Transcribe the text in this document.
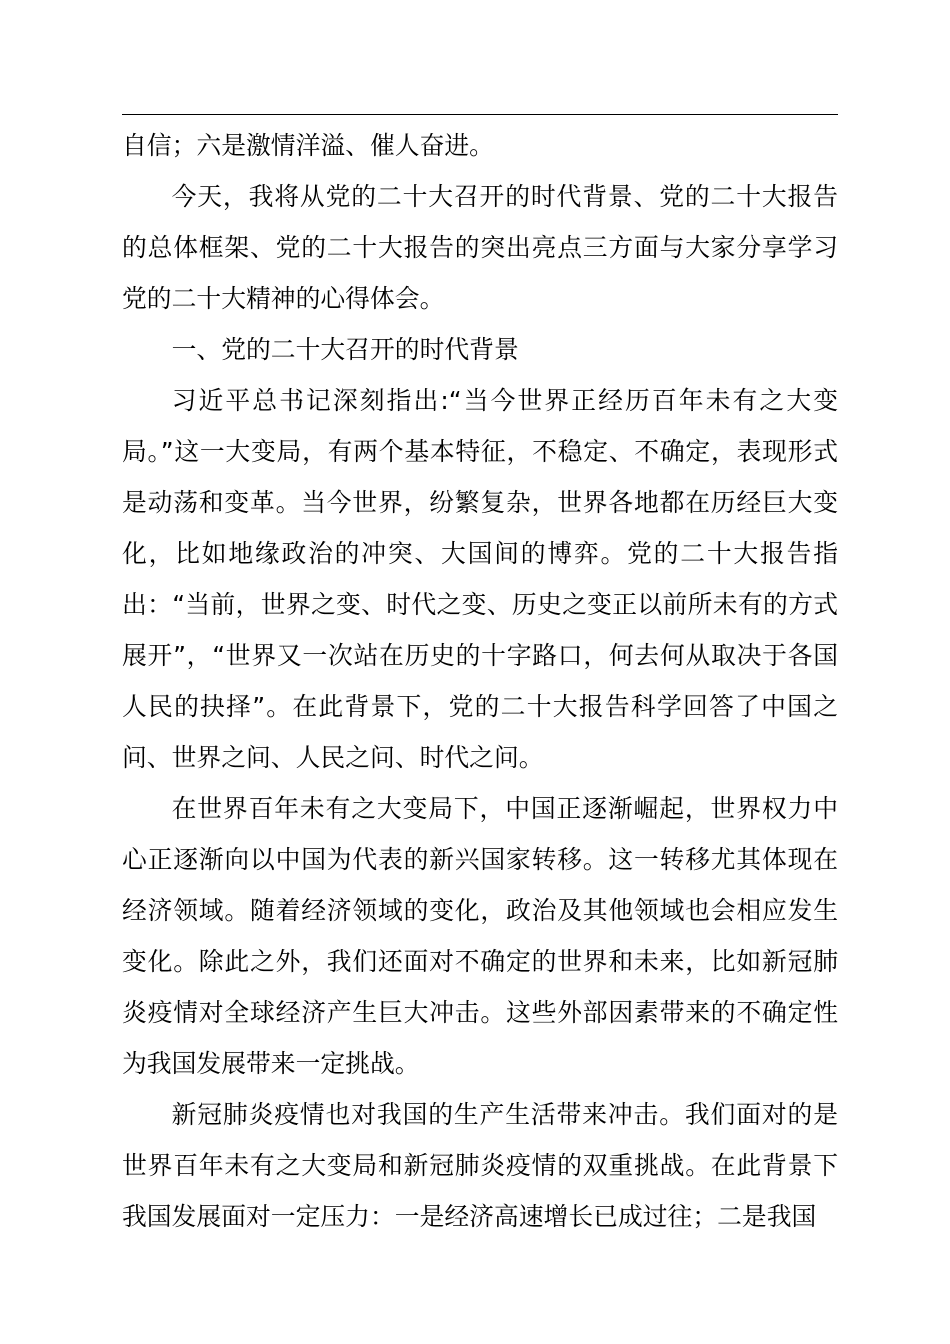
自信；六是激情洋溢、催人奋进。

今天，我将从党的二十大召开的时代背景、党的二十大报告的总体框架、党的二十大报告的突出亮点三方面与大家分享学习党的二十大精神的心得体会。

一、党的二十大召开的时代背景

习近平总书记深刻指出:“当今世界正经历百年未有之大变局。”这一大变局，有两个基本特征，不稳定、不确定，表现形式是动荡和变革。当今世界，纷繁复杂，世界各地都在历经巨大变化，比如地缘政治的冲突、大国间的博弈。党的二十大报告指出：“当前，世界之变、时代之变、历史之变正以前所未有的方式展开”，“世界又一次站在历史的十字路口，何去何从取决于各国人民的抉择”。在此背景下，党的二十大报告科学回答了中国之问、世界之问、人民之问、时代之问。

在世界百年未有之大变局下，中国正逐渐崛起，世界权力中心正逐渐向以中国为代表的新兴国家转移。这一转移尤其体现在经济领域。随着经济领域的变化，政治及其他领域也会相应发生变化。除此之外，我们还面对不确定的世界和未来，比如新冠肺炎疫情对全球经济产生巨大冲击。这些外部因素带来的不确定性为我国发展带来一定挑战。

新冠肺炎疫情也对我国的生产生活带来冲击。我们面对的是世界百年未有之大变局和新冠肺炎疫情的双重挑战。在此背景下我国发展面对一定压力：一是经济高速增长已成过往；二是我国
